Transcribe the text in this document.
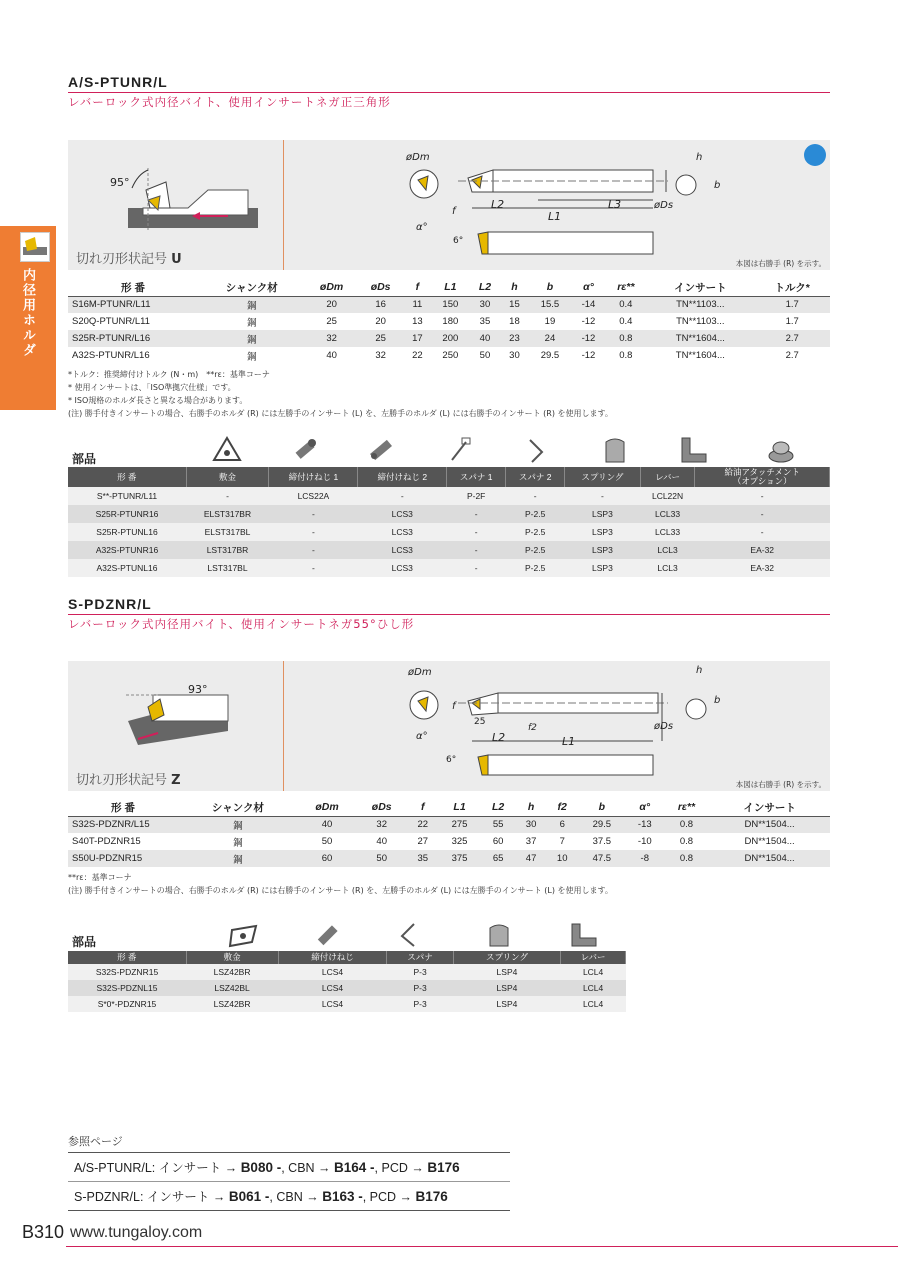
A/S-PTUNR/L
レバーロック式内径バイト、使用インサートネガ正三角形
内径用ホルダ
95°
切れ刃形状記号 U	本図は右勝手 (R) を示す。
øDm
f
α°
L2	L3
L1
øDs
6°
h
b
形 番	シャンク材	øDm	øDs	f	L1	L2	h	b	α°	rε**	インサート	トルク*
S16M-PTUNR/L11	鋼	20	16	11	150	30	15	15.5	-14	0.4	TN**1103...	1.7
S20Q-PTUNR/L11	鋼	25	20	13	180	35	18	19	-12	0.4	TN**1103...	1.7
S25R-PTUNR/L16	鋼	32	25	17	200	40	23	24	-12	0.8	TN**1604...	2.7
A32S-PTUNR/L16	鋼	40	32	22	250	50	30	29.5	-12	0.8	TN**1604...	2.7
*トルク：推奨締付けトルク (N・m)　**rε：基準コーナ
* 使用インサートは、「ISO準拠穴仕様」です。
* ISO規格のホルダ長さと異なる場合があります。
(注) 勝手付きインサートの場合、右勝手のホルダ (R) には左勝手のインサート (L) を、左勝手のホルダ (L) には右勝手のインサート (R) を使用します。
部品
形 番	敷金	締付けねじ 1	締付けねじ 2	スパナ 1	スパナ 2	スプリング	レバー	給油アタッチメント
（オプション）
S**-PTUNR/L11	-	LCS22A	-	P-2F	-	-	LCL22N	-
S25R-PTUNR16	ELST317BR	-	LCS3	-	P-2.5	LSP3	LCL33	-
S25R-PTUNL16	ELST317BL	-	LCS3	-	P-2.5	LSP3	LCL33	-
A32S-PTUNR16	LST317BR	-	LCS3	-	P-2.5	LSP3	LCL3	EA-32
A32S-PTUNL16	LST317BL	-	LCS3	-	P-2.5	LSP3	LCL3	EA-32
S-PDZNR/L
レバーロック式内径用バイト、使用インサートネガ55°ひし形
93°
切れ刃形状記号 Z	本図は右勝手 (R) を示す。
øDm
f
α°
25
L2
f2
L1
øDs
6°
h
b
形 番	シャンク材	øDm	øDs	f	L1	L2	h	f2	b	α°	rε**	インサート
S32S-PDZNR/L15	鋼	40	32	22	275	55	30	6	29.5	-13	0.8	DN**1504...
S40T-PDZNR15	鋼	50	40	27	325	60	37	7	37.5	-10	0.8	DN**1504...
S50U-PDZNR15	鋼	60	50	35	375	65	47	10	47.5	-8	0.8	DN**1504...
**rε：基準コーナ
(注) 勝手付きインサートの場合、右勝手のホルダ (R) には右勝手のインサート (R) を、左勝手のホルダ (L) には左勝手のインサート (L) を使用します。
部品
形 番	敷金	締付けねじ	スパナ	スプリング	レバー
S32S-PDZNR15	LSZ42BR	LCS4	P-3	LSP4	LCL4
S32S-PDZNL15	LSZ42BL	LCS4	P-3	LSP4	LCL4
S*0*-PDZNR15	LSZ42BR	LCS4	P-3	LSP4	LCL4
参照ページ
A/S-PTUNR/L: インサート → B080 -, CBN → B164 -, PCD → B176
S-PDZNR/L: インサート → B061 -, CBN → B163 -, PCD → B176
B310 www.tungaloy.com
